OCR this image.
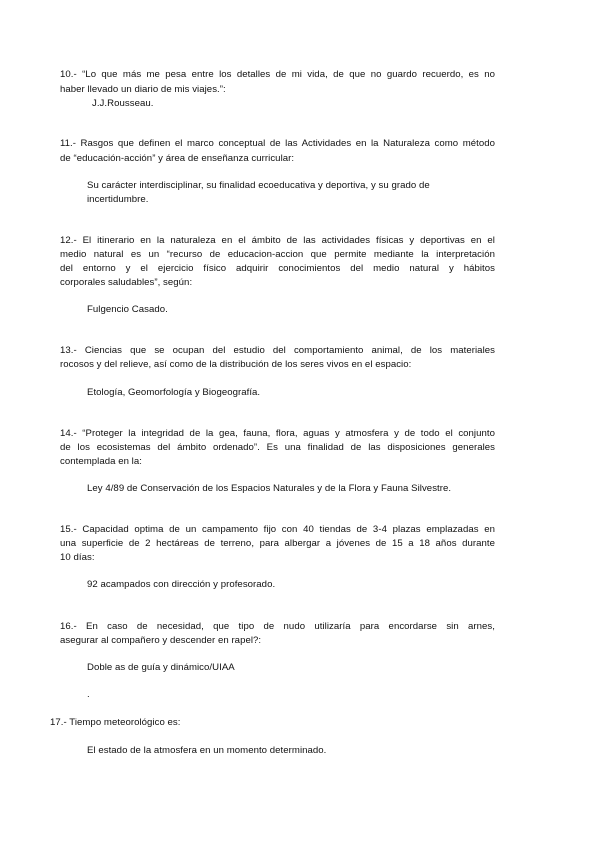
10.- “Lo que más me pesa entre los detalles de mi vida, de que no guardo recuerdo, es no
haber llevado un diario de mis viajes.”:
J.J.Rousseau.
11.- Rasgos que definen el marco conceptual de las Actividades en la Naturaleza como método
de “educación-acción” y área de enseñanza curricular:
Su carácter interdisciplinar, su finalidad ecoeducativa y deportiva, y su grado de
incertidumbre.
12.- El itinerario en la naturaleza en el ámbito de las actividades físicas y deportivas en el
medio natural es un “recurso de educacion-accion que permite mediante la interpretación
del entorno y el ejercicio físico adquirir conocimientos del medio natural y hábitos
corporales saludables”, según:
Fulgencio Casado.
13.- Ciencias que se ocupan del estudio del comportamiento animal, de los materiales
rocosos y del relieve, así como de la distribución de los seres vivos en el espacio:
Etología, Geomorfología y Biogeografía.
14.- “Proteger la integridad de la gea, fauna, flora, aguas y atmosfera y de todo el conjunto
de los ecosistemas del ámbito ordenado”. Es una finalidad de las disposiciones generales
contemplada en la:
Ley 4/89 de Conservación de los Espacios Naturales y de la Flora y Fauna Silvestre.
15.- Capacidad optima de un campamento fijo con 40 tiendas de 3-4 plazas emplazadas en
una superficie de 2 hectáreas de terreno, para albergar a jóvenes de 15 a 18 años durante
10 días:
92 acampados con dirección y profesorado.
16.- En caso de necesidad, que tipo de nudo utilizaría para encordarse sin arnes,
asegurar al compañero y descender en rapel?:
Doble as de guía y dinámico/UIAA
.
17.- Tiempo meteorológico es:
El estado de la atmosfera en un momento determinado.
